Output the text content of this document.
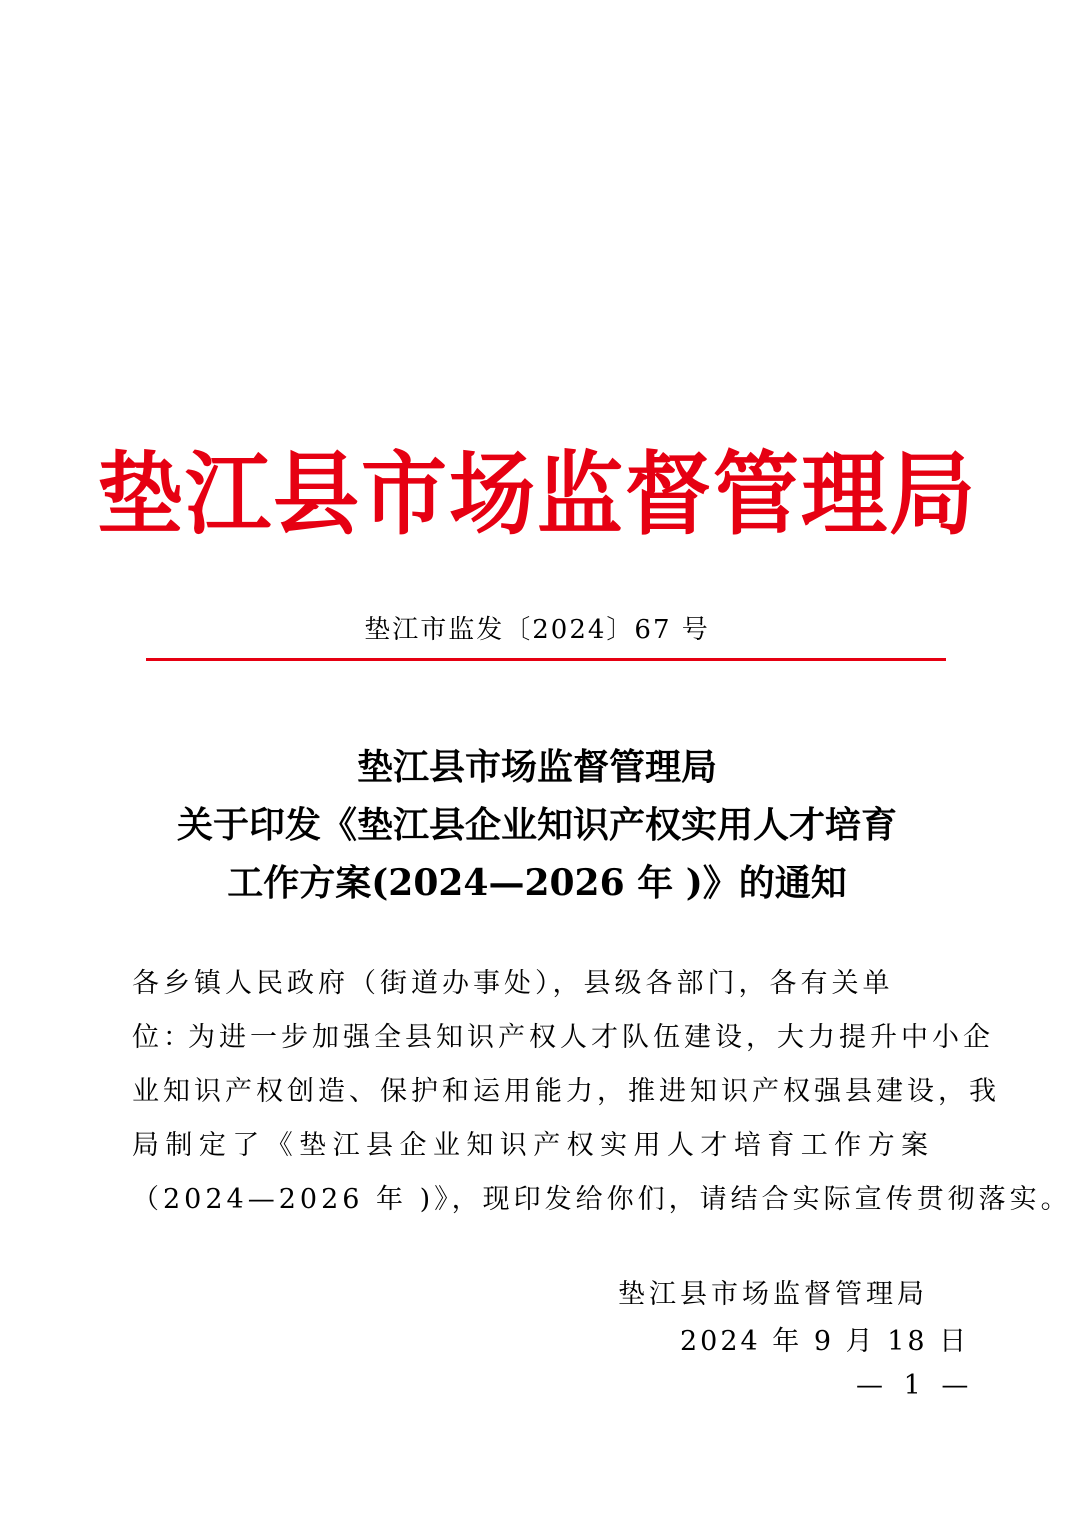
垫江县市场监督管理局
垫江市监发〔2024〕67 号
垫江县市场监督管理局
关于印发《垫江县企业知识产权实用人才培育
工作方案(2024—2026 年 )》的通知
各乡镇人民政府（街道办事处），县级各部门，各有关单位：
为进一步加强全县知识产权人才队伍建设，大力提升中小企
业知识产权创造、保护和运用能力，推进知识产权强县建设，我
局制定了《垫江县企业知识产权实用人才培育工作方案
（2024—2026 年 )》，现印发给你们，请结合实际宣传贯彻落实。
垫江县市场监督管理局
2024 年 9 月 18 日
— 1 —
